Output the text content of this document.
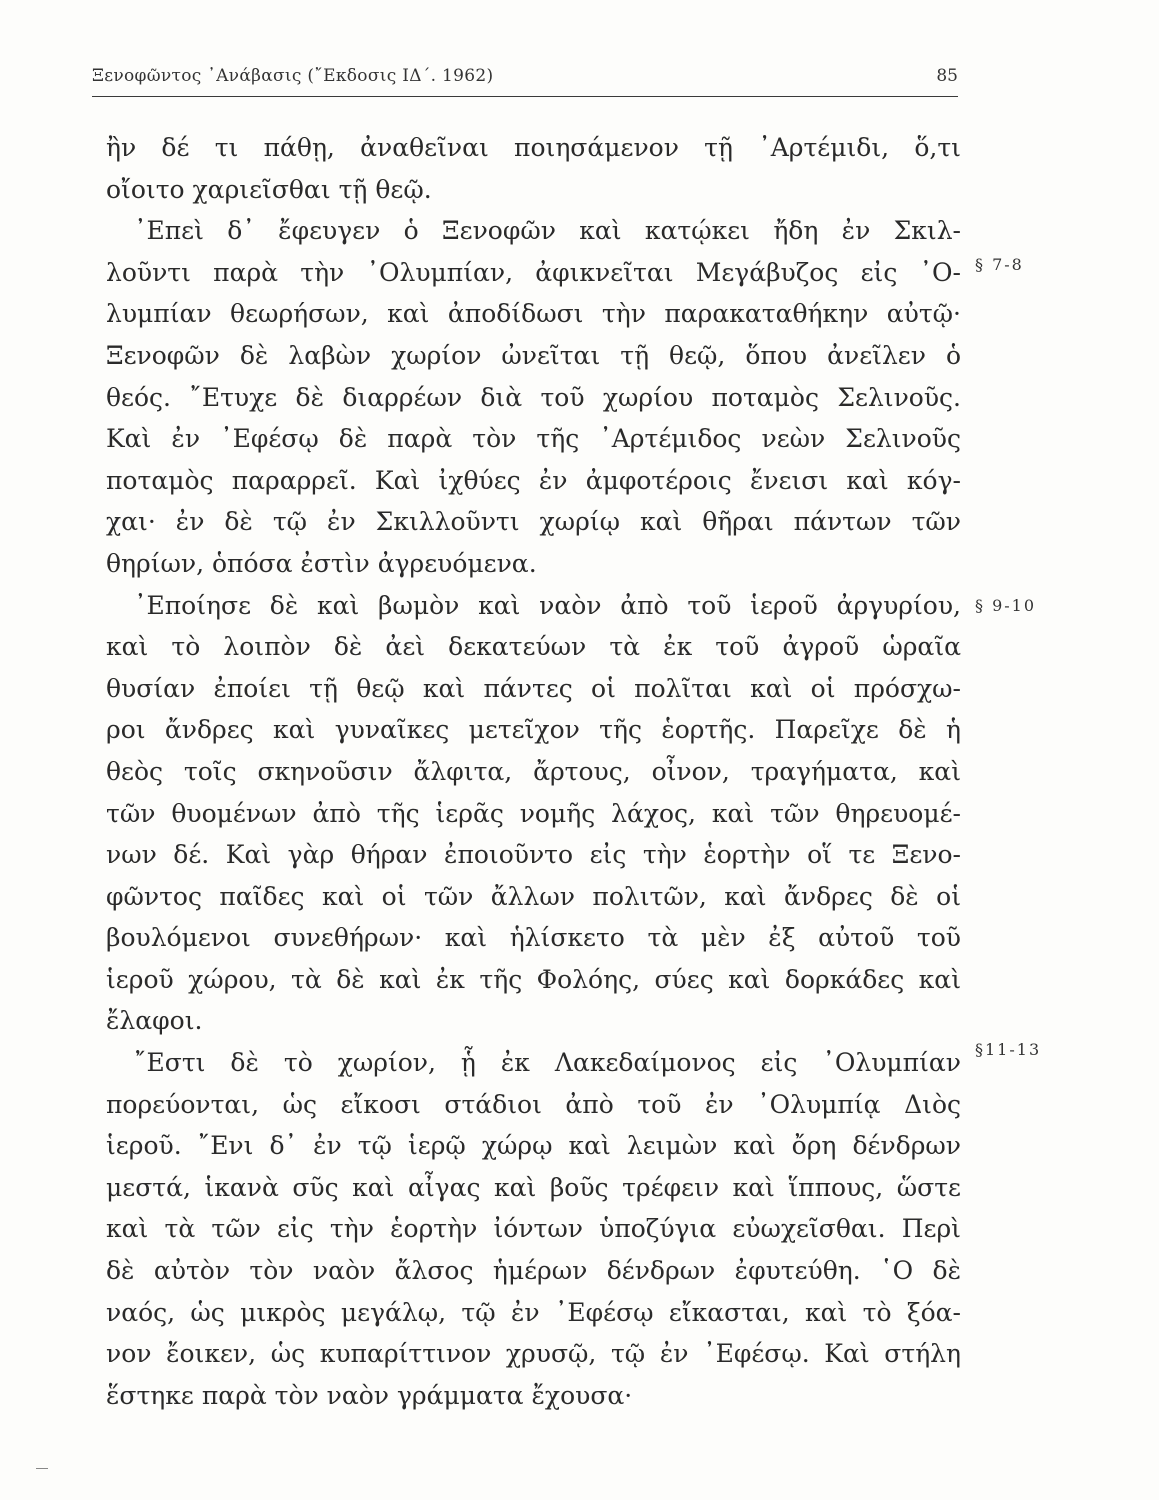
Ξενοφῶντος ᾿Ανάβασις (῎Εκδοσις ΙΔ΄. 1962)	85
ἢν δέ τι πάθῃ, ἀναθεῖναι ποιησάμενον τῇ ᾿Αρτέμιδι, ὅ,τι
οἴοιτο χαριεῖσθαι τῇ θεῷ.
᾿Επεὶ δ᾿ ἔφευγεν ὁ Ξενοφῶν καὶ κατῴκει ἤδη ἐν Σκιλ-
λοῦντι παρὰ τὴν ᾿Ολυμπίαν, ἀφικνεῖται Μεγάβυζος εἰς ᾿Ο-
λυμπίαν θεωρήσων, καὶ ἀποδίδωσι τὴν παρακαταθήκην αὐτῷ·
Ξενοφῶν δὲ λαβὼν χωρίον ὠνεῖται τῇ θεῷ, ὅπου ἀνεῖλεν ὁ
θεός. ῎Ετυχε δὲ διαρρέων διὰ τοῦ χωρίου ποταμὸς Σελινοῦς.
Καὶ ἐν ᾿Εφέσῳ δὲ παρὰ τὸν τῆς ᾿Αρτέμιδος νεὼν Σελινοῦς
ποταμὸς παραρρεῖ. Καὶ ἰχθύες ἐν ἀμφοτέροις ἔνεισι καὶ κόγ-
χαι· ἐν δὲ τῷ ἐν Σκιλλοῦντι χωρίῳ καὶ θῆραι πάντων τῶν
θηρίων, ὁπόσα ἐστὶν ἀγρευόμενα.
᾿Εποίησε δὲ καὶ βωμὸν καὶ ναὸν ἀπὸ τοῦ ἱεροῦ ἀργυρίου,
καὶ τὸ λοιπὸν δὲ ἀεὶ δεκατεύων τὰ ἐκ τοῦ ἀγροῦ ὡραῖα
θυσίαν ἐποίει τῇ θεῷ καὶ πάντες οἱ πολῖται καὶ οἱ πρόσχω-
ροι ἄνδρες καὶ γυναῖκες μετεῖχον τῆς ἑορτῆς. Παρεῖχε δὲ ἡ
θεὸς τοῖς σκηνοῦσιν ἄλφιτα, ἄρτους, οἶνον, τραγήματα, καὶ
τῶν θυομένων ἀπὸ τῆς ἱερᾶς νομῆς λάχος, καὶ τῶν θηρευομέ-
νων δέ. Καὶ γὰρ θήραν ἐποιοῦντο εἰς τὴν ἑορτὴν οἵ τε Ξενο-
φῶντος παῖδες καὶ οἱ τῶν ἄλλων πολιτῶν, καὶ ἄνδρες δὲ οἱ
βουλόμενοι συνεθήρων· καὶ ἡλίσκετο τὰ μὲν ἐξ αὐτοῦ τοῦ
ἱεροῦ χώρου, τὰ δὲ καὶ ἐκ τῆς Φολόης, σύες καὶ δορκάδες καὶ
ἔλαφοι.
῎Εστι δὲ τὸ χωρίον, ᾗ ἐκ Λακεδαίμονος εἰς ᾿Ολυμπίαν
πορεύονται, ὡς εἴκοσι στάδιοι ἀπὸ τοῦ ἐν ᾿Ολυμπίᾳ Διὸς
ἱεροῦ. ῎Ενι δ᾿ ἐν τῷ ἱερῷ χώρῳ καὶ λειμὼν καὶ ὄρη δένδρων
μεστά, ἱκανὰ σῦς καὶ αἶγας καὶ βοῦς τρέφειν καὶ ἵππους, ὥστε
καὶ τὰ τῶν εἰς τὴν ἑορτὴν ἰόντων ὑποζύγια εὐωχεῖσθαι. Περὶ
δὲ αὐτὸν τὸν ναὸν ἄλσος ἡμέρων δένδρων ἐφυτεύθη. ῾Ο δὲ
ναός, ὡς μικρὸς μεγάλῳ, τῷ ἐν ᾿Εφέσῳ εἴκασται, καὶ τὸ ξόα-
νον ἔοικεν, ὡς κυπαρίττινον χρυσῷ, τῷ ἐν ᾿Εφέσῳ. Καὶ στήλη
ἕστηκε παρὰ τὸν ναὸν γράμματα ἔχουσα·
§ 7-8
§ 9-10
§11-13
